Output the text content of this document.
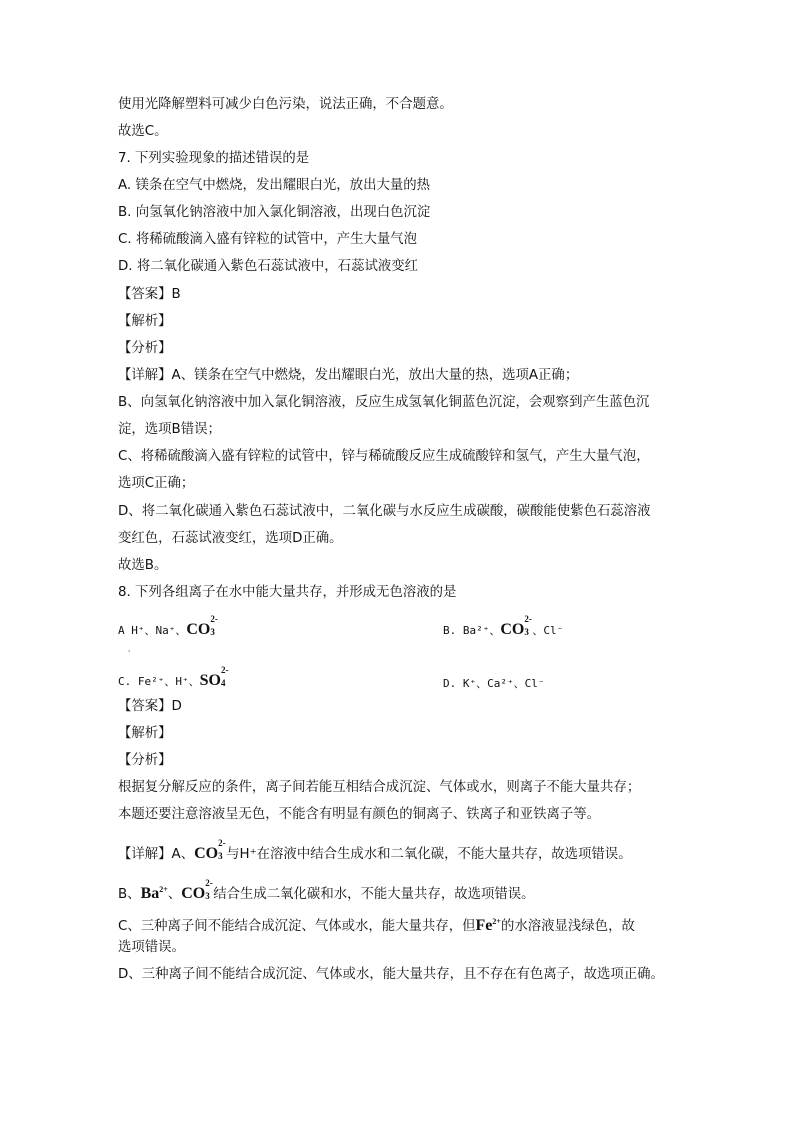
使用光降解塑料可减少白色污染，说法正确，不合题意。
故选C。
7. 下列实验现象的描述错误的是
A. 镁条在空气中燃烧，发出耀眼白光，放出大量的热
B. 向氢氧化钠溶液中加入氯化铜溶液，出现白色沉淀
C. 将稀硫酸滴入盛有锌粒的试管中，产生大量气泡
D. 将二氧化碳通入紫色石蕊试液中，石蕊试液变红
【答案】B
【解析】
【分析】
【详解】A、镁条在空气中燃烧，发出耀眼白光，放出大量的热，选项A正确；
B、向氢氧化钠溶液中加入氯化铜溶液，反应生成氢氧化铜蓝色沉淀，会观察到产生蓝色沉
淀，选项B错误；
C、将稀硫酸滴入盛有锌粒的试管中，锌与稀硫酸反应生成硫酸锌和氢气，产生大量气泡，
选项C正确；
D、将二氧化碳通入紫色石蕊试液中，二氧化碳与水反应生成碳酸，碳酸能使紫色石蕊溶液
变红色，石蕊试液变红，选项D正确。
故选B。
8. 下列各组离子在水中能大量共存，并形成无色溶液的是
A H⁺、Na⁺、CO
2-
3
'
B. Ba²⁺、CO
2-
3 、Cl⁻
C. Fe²⁺、H⁺、SO
2-
4	D. K⁺、Ca²⁺、Cl⁻
【答案】D
【解析】
【分析】
根据复分解反应的条件，离子间若能互相结合成沉淀、气体或水，则离子不能大量共存；
本题还要注意溶液呈无色，不能含有明显有颜色的铜离子、铁离子和亚铁离子等。
【详解】A、CO
2-
3 与H⁺在溶液中结合生成水和二氧化碳，不能大量共存，故选项错误。
B、$Ba^{2+}$、CO
2-
3 结合生成二氧化碳和水，不能大量共存，故选项错误。
C、三种离子间不能结合成沉淀、气体或水，能大量共存，但$Fe^{2+}$的水溶液显浅绿色，故
选项错误。
D、三种离子间不能结合成沉淀、气体或水，能大量共存，且不存在有色离子，故选项正确。
